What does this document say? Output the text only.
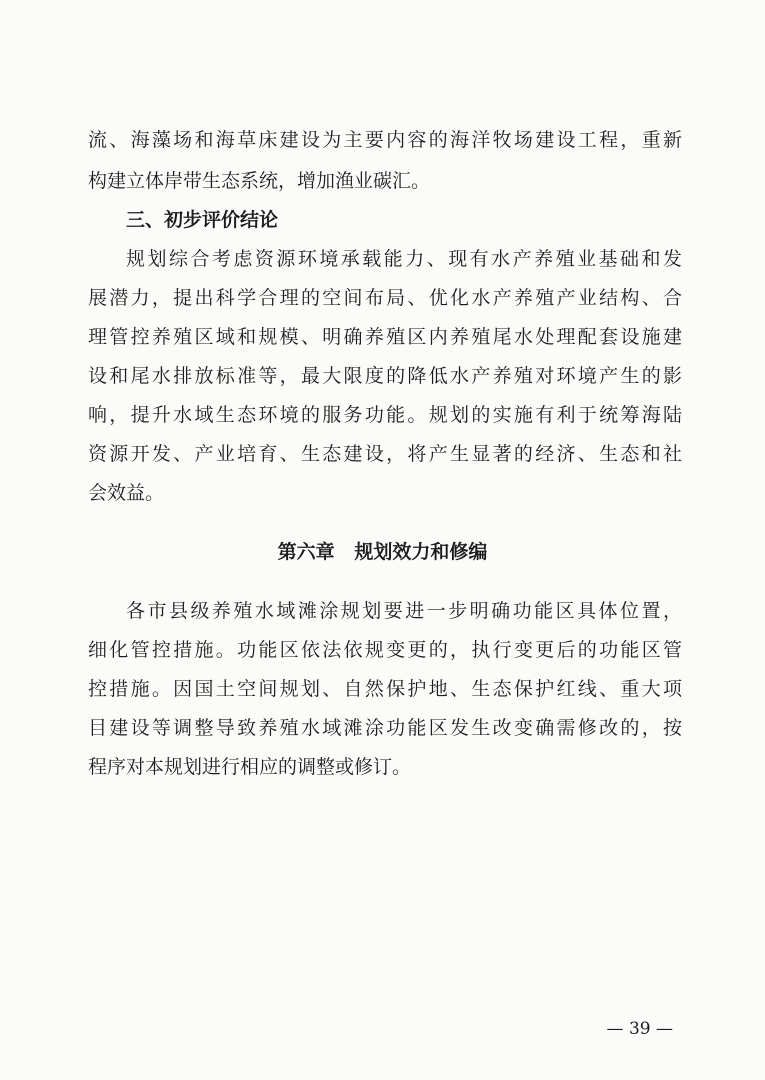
流、海藻场和海草床建设为主要内容的海洋牧场建设工程，重新
构建立体岸带生态系统，增加渔业碳汇。
三、初步评价结论
规划综合考虑资源环境承载能力、现有水产养殖业基础和发
展潜力，提出科学合理的空间布局、优化水产养殖产业结构、合
理管控养殖区域和规模、明确养殖区内养殖尾水处理配套设施建
设和尾水排放标准等，最大限度的降低水产养殖对环境产生的影
响，提升水域生态环境的服务功能。规划的实施有利于统筹海陆
资源开发、产业培育、生态建设，将产生显著的经济、生态和社
会效益。
第六章   规划效力和修编
各市县级养殖水域滩涂规划要进一步明确功能区具体位置，
细化管控措施。功能区依法依规变更的，执行变更后的功能区管
控措施。因国土空间规划、自然保护地、生态保护红线、重大项
目建设等调整导致养殖水域滩涂功能区发生改变确需修改的，按
程序对本规划进行相应的调整或修订。
— 39 —
